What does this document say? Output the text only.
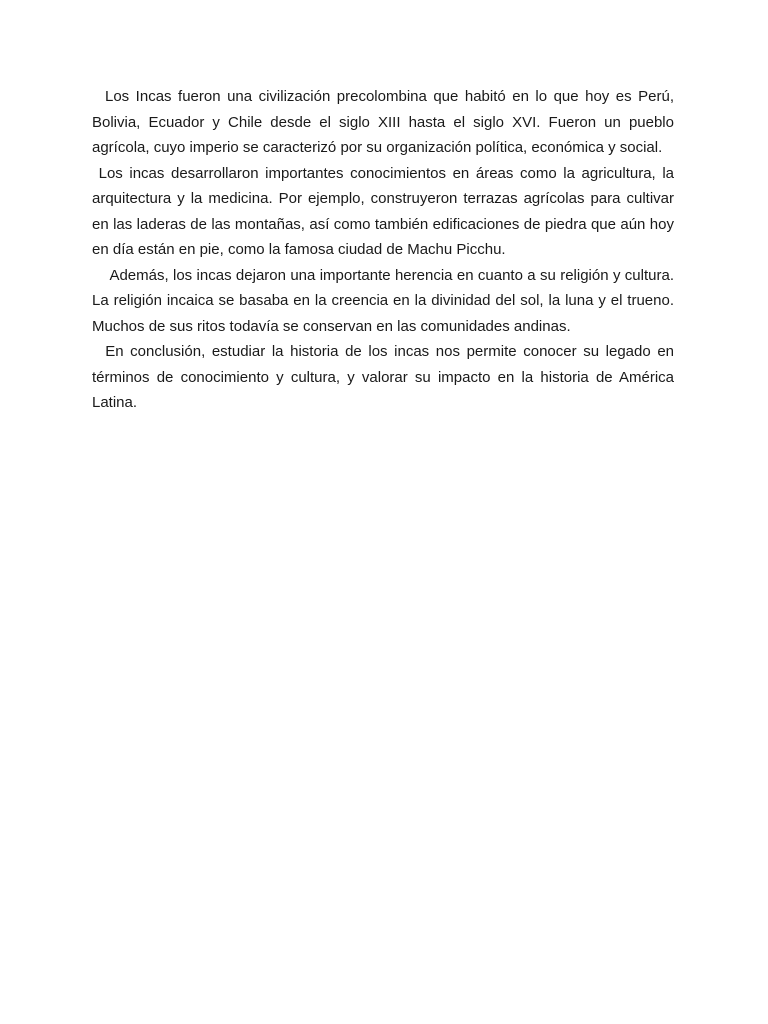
Los Incas fueron una civilización precolombina que habitó en lo que hoy es Perú, Bolivia, Ecuador y Chile desde el siglo XIII hasta el siglo XVI. Fueron un pueblo agrícola, cuyo imperio se caracterizó por su organización política, económica y social.

Los incas desarrollaron importantes conocimientos en áreas como la agricultura, la arquitectura y la medicina. Por ejemplo, construyeron terrazas agrícolas para cultivar en las laderas de las montañas, así como también edificaciones de piedra que aún hoy en día están en pie, como la famosa ciudad de Machu Picchu.

Además, los incas dejaron una importante herencia en cuanto a su religión y cultura. La religión incaica se basaba en la creencia en la divinidad del sol, la luna y el trueno. Muchos de sus ritos todavía se conservan en las comunidades andinas.

En conclusión, estudiar la historia de los incas nos permite conocer su legado en términos de conocimiento y cultura, y valorar su impacto en la historia de América Latina.
